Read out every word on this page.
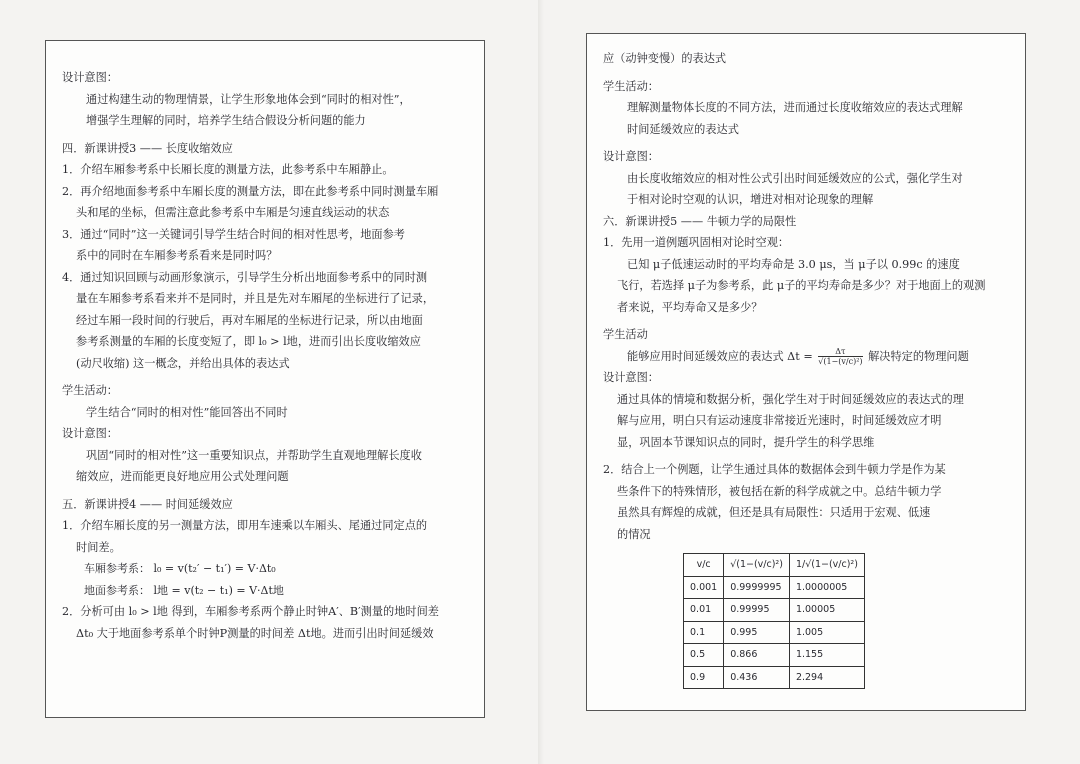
设计意图：
通过构建生动的物理情景，让学生形象地体会到“同时的相对性”，
增强学生理解的同时，培养学生结合假设分析问题的能力
四．新课讲授3 —— 长度收缩效应
1．介绍车厢参考系中长厢长度的测量方法，此参考系中车厢静止。
2．再介绍地面参考系中车厢长度的测量方法，即在此参考系中同时测量车厢
头和尾的坐标，但需注意此参考系中车厢是匀速直线运动的状态
3．通过“同时”这一关键词引导学生结合时间的相对性思考，地面参考
系中的同时在车厢参考系看来是同时吗？
4．通过知识回顾与动画形象演示，引导学生分析出地面参考系中的同时测
量在车厢参考系看来并不是同时，并且是先对车厢尾的坐标进行了记录，
经过车厢一段时间的行驶后，再对车厢尾的坐标进行记录，所以由地面
参考系测量的车厢的长度变短了，即 l₀ > l地，进而引出长度收缩效应
(动尺收缩) 这一概念，并给出具体的表达式
学生活动：
学生结合“同时的相对性”能回答出不同时
设计意图：
巩固“同时的相对性”这一重要知识点，并帮助学生直观地理解长度收
缩效应，进而能更良好地应用公式处理问题
五．新课讲授4 —— 时间延缓效应
1．介绍车厢长度的另一测量方法，即用车速乘以车厢头、尾通过同定点的
时间差。
车厢参考系： l₀ = v(t₂′ − t₁′) = V·Δt₀
地面参考系： l地 = v(t₂ − t₁) = V·Δt地
2．分析可由 l₀ > l地 得到，车厢参考系两个静止时钟A′、B′测量的地时间差
Δt₀ 大于地面参考系单个时钟P测量的时间差 Δt地。进而引出时间延缓效
应（动钟变慢）的表达式
学生活动：
理解测量物体长度的不同方法，进而通过长度收缩效应的表达式理解
时间延缓效应的表达式
设计意图：
由长度收缩效应的相对性公式引出时间延缓效应的公式，强化学生对
于相对论时空观的认识，增进对相对论现象的理解
六．新课讲授5 —— 牛顿力学的局限性
1．先用一道例题巩固相对论时空观：
已知 μ子低速运动时的平均寿命是 3.0 μs，当 μ子以 0.99c 的速度
飞行，若选择 μ子为参考系，此 μ子的平均寿命是多少？对于地面上的观测
者来说，平均寿命又是多少？
学生活动
能够应用时间延缓效应的表达式 $\Delta t = \frac{\Delta\tau}{\text{√(1−(v/c)²)}}$ 解决特定的物理问题
设计意图：
通过具体的情境和数据分析，强化学生对于时间延缓效应的表达式的理
解与应用，明白只有运动速度非常接近光速时，时间延缓效应才明
显，巩固本节课知识点的同时，提升学生的科学思维
2．结合上一个例题，让学生通过具体的数据体会到牛顿力学是作为某
些条件下的特殊情形，被包括在新的科学成就之中。总结牛顿力学
虽然具有辉煌的成就，但还是具有局限性：只适用于宏观、低速
的情况
v/c	√(1−(v/c)²)	1/√(1−(v/c)²)
0.001	0.9999995	1.0000005
0.01	0.99995	1.00005
0.1	0.995	1.005
0.5	0.866	1.155
0.9	0.436	2.294
